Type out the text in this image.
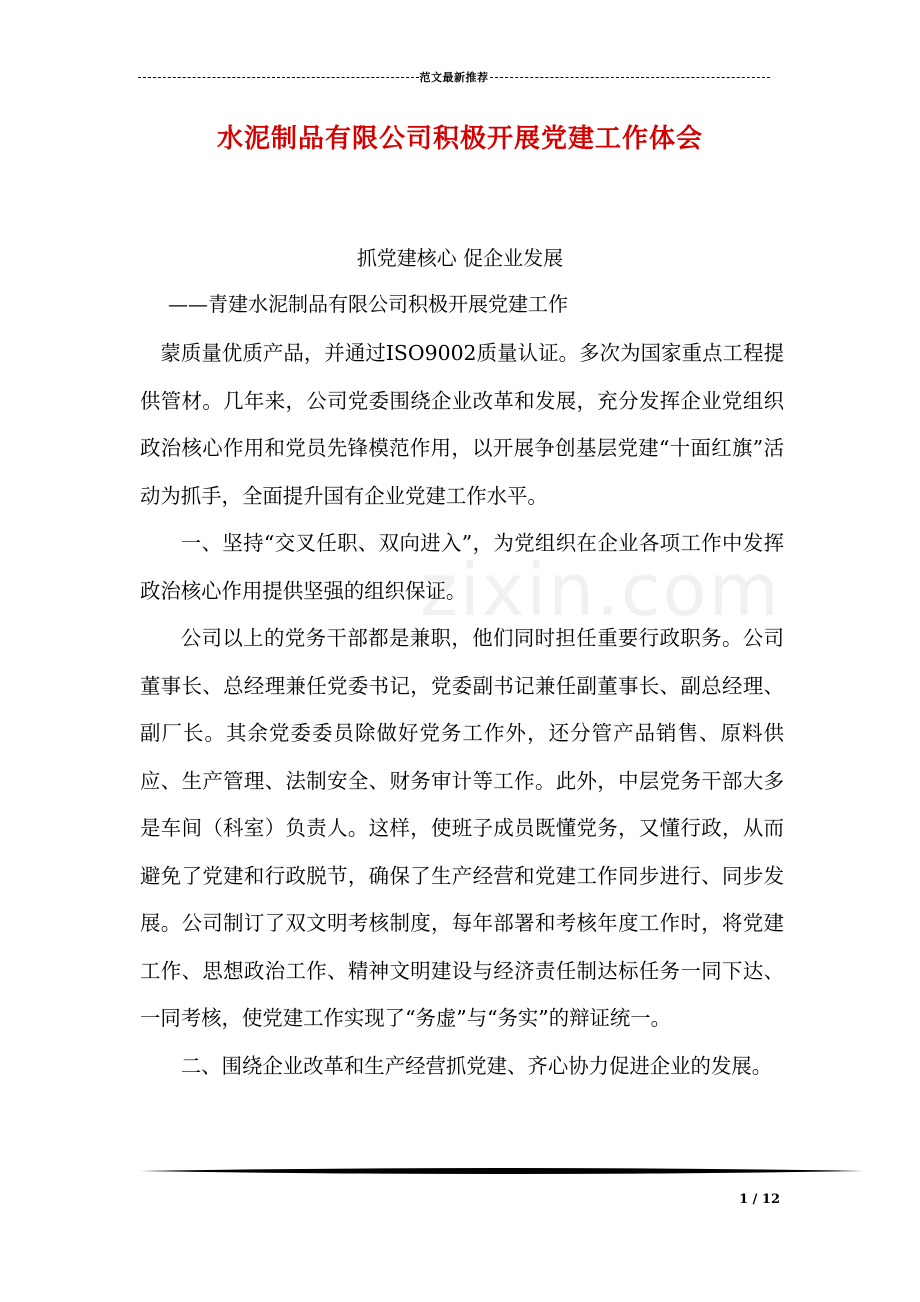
范文最新推荐
水泥制品有限公司积极开展党建工作体会
抓党建核心 促企业发展
——青建水泥制品有限公司积极开展党建工作
zixin.com

蒙质量优质产品，并通过ISO9002质量认证。多次为国家重点工程提供管材。几年来，公司党委围绕企业改革和发展，充分发挥企业党组织政治核心作用和党员先锋模范作用，以开展争创基层党建“十面红旗”活动为抓手，全面提升国有企业党建工作水平。

一、坚持“交叉任职、双向进入”，为党组织在企业各项工作中发挥政治核心作用提供坚强的组织保证。

公司以上的党务干部都是兼职，他们同时担任重要行政职务。公司董事长、总经理兼任党委书记，党委副书记兼任副董事长、副总经理、副厂长。其余党委委员除做好党务工作外，还分管产品销售、原料供应、生产管理、法制安全、财务审计等工作。此外，中层党务干部大多是车间（科室）负责人。这样，使班子成员既懂党务，又懂行政，从而避免了党建和行政脱节，确保了生产经营和党建工作同步进行、同步发展。公司制订了双文明考核制度，每年部署和考核年度工作时，将党建工作、思想政治工作、精神文明建设与经济责任制达标任务一同下达、一同考核，使党建工作实现了“务虚”与“务实”的辩证统一。

二、围绕企业改革和生产经营抓党建、齐心协力促进企业的发展。

1 / 12
